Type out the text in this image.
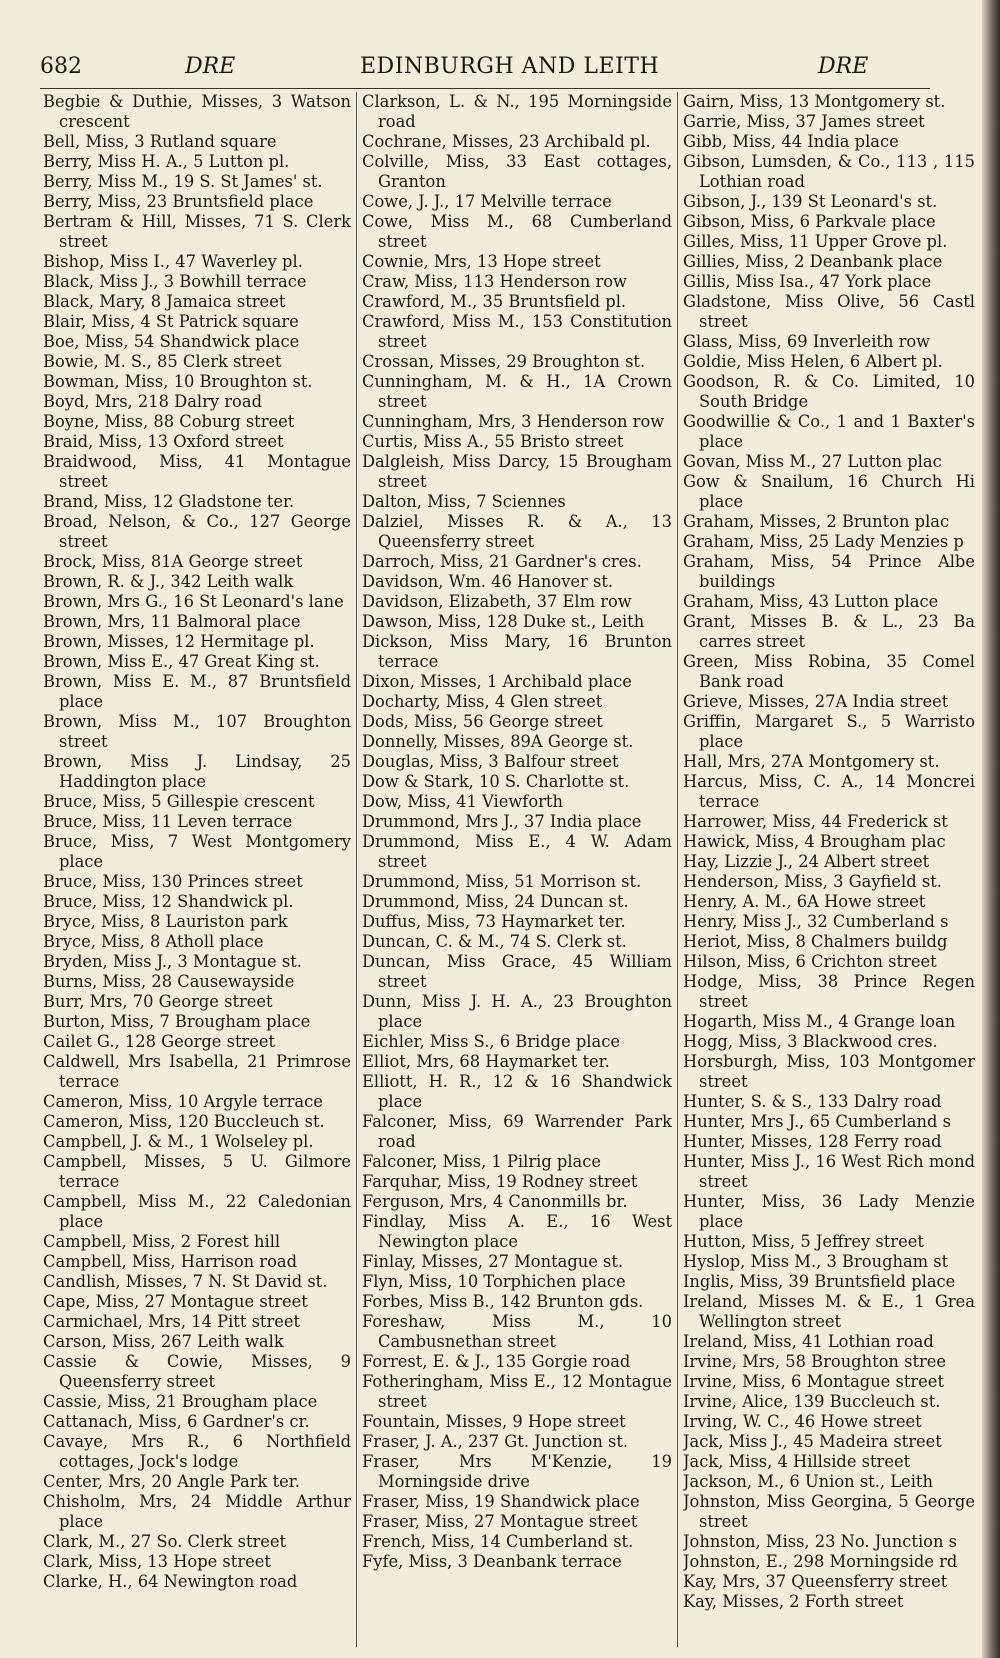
682	DRE	EDINBURGH AND LEITH	DRE
Begbie & Duthie, Misses, 3 Watson crescent
Bell, Miss, 3 Rutland square
Berry, Miss H. A., 5 Lutton pl.
Berry, Miss M., 19 S. St James' st.
Berry, Miss, 23 Bruntsfield place
Bertram & Hill, Misses, 71 S. Clerk street
Bishop, Miss I., 47 Waverley pl.
Black, Miss J., 3 Bowhill terrace
Black, Mary, 8 Jamaica street
Blair, Miss, 4 St Patrick square
Boe, Miss, 54 Shandwick place
Bowie, M. S., 85 Clerk street
Bowman, Miss, 10 Broughton st.
Boyd, Mrs, 218 Dalry road
Boyne, Miss, 88 Coburg street
Braid, Miss, 13 Oxford street
Braidwood, Miss, 41 Montague street
Brand, Miss, 12 Gladstone ter.
Broad, Nelson, & Co., 127 George street
Brock, Miss, 81A George street
Brown, R. & J., 342 Leith walk
Brown, Mrs G., 16 St Leonard's lane
Brown, Mrs, 11 Balmoral place
Brown, Misses, 12 Hermitage pl.
Brown, Miss E., 47 Great King st.
Brown, Miss E. M., 87 Bruntsfield place
Brown, Miss M., 107 Broughton street
Brown, Miss J. Lindsay, 25 Haddington place
Bruce, Miss, 5 Gillespie crescent
Bruce, Miss, 11 Leven terrace
Bruce, Miss, 7 West Montgomery place
Bruce, Miss, 130 Princes street
Bruce, Miss, 12 Shandwick pl.
Bryce, Miss, 8 Lauriston park
Bryce, Miss, 8 Atholl place
Bryden, Miss J., 3 Montague st.
Burns, Miss, 28 Causewayside
Burr, Mrs, 70 George street
Burton, Miss, 7 Brougham place
Cailet G., 128 George street
Caldwell, Mrs Isabella, 21 Primrose terrace
Cameron, Miss, 10 Argyle terrace
Cameron, Miss, 120 Buccleuch st.
Campbell, J. & M., 1 Wolseley pl.
Campbell, Misses, 5 U. Gilmore terrace
Campbell, Miss M., 22 Caledonian place
Campbell, Miss, 2 Forest hill
Campbell, Miss, Harrison road
Candlish, Misses, 7 N. St David st.
Cape, Miss, 27 Montague street
Carmichael, Mrs, 14 Pitt street
Carson, Miss, 267 Leith walk
Cassie & Cowie, Misses, 9 Queensferry street
Cassie, Miss, 21 Brougham place
Cattanach, Miss, 6 Gardner's cr.
Cavaye, Mrs R., 6 Northfield cottages, Jock's lodge
Center, Mrs, 20 Angle Park ter.
Chisholm, Mrs, 24 Middle Arthur place
Clark, M., 27 So. Clerk street
Clark, Miss, 13 Hope street
Clarke, H., 64 Newington road
Clarkson, L. & N., 195 Morningside road
Cochrane, Misses, 23 Archibald pl.
Colville, Miss, 33 East cottages, Granton
Cowe, J. J., 17 Melville terrace
Cowe, Miss M., 68 Cumberland street
Cownie, Mrs, 13 Hope street
Craw, Miss, 113 Henderson row
Crawford, M., 35 Bruntsfield pl.
Crawford, Miss M., 153 Constitution street
Crossan, Misses, 29 Broughton st.
Cunningham, M. & H., 1A Crown street
Cunningham, Mrs, 3 Henderson row
Curtis, Miss A., 55 Bristo street
Dalgleish, Miss Darcy, 15 Brougham street
Dalton, Miss, 7 Sciennes
Dalziel, Misses R. & A., 13 Queensferry street
Darroch, Miss, 21 Gardner's cres.
Davidson, Wm. 46 Hanover st.
Davidson, Elizabeth, 37 Elm row
Dawson, Miss, 128 Duke st., Leith
Dickson, Miss Mary, 16 Brunton terrace
Dixon, Misses, 1 Archibald place
Docharty, Miss, 4 Glen street
Dods, Miss, 56 George street
Donnelly, Misses, 89A George st.
Douglas, Miss, 3 Balfour street
Dow & Stark, 10 S. Charlotte st.
Dow, Miss, 41 Viewforth
Drummond, Mrs J., 37 India place
Drummond, Miss E., 4 W. Adam street
Drummond, Miss, 51 Morrison st.
Drummond, Miss, 24 Duncan st.
Duffus, Miss, 73 Haymarket ter.
Duncan, C. & M., 74 S. Clerk st.
Duncan, Miss Grace, 45 William street
Dunn, Miss J. H. A., 23 Broughton place
Eichler, Miss S., 6 Bridge place
Elliot, Mrs, 68 Haymarket ter.
Elliott, H. R., 12 & 16 Shandwick place
Falconer, Miss, 69 Warrender Park road
Falconer, Miss, 1 Pilrig place
Farquhar, Miss, 19 Rodney street
Ferguson, Mrs, 4 Canonmills br.
Findlay, Miss A. E., 16 West Newington place
Finlay, Misses, 27 Montague st.
Flyn, Miss, 10 Torphichen place
Forbes, Miss B., 142 Brunton gds.
Foreshaw, Miss M., 10 Cambusnethan street
Forrest, E. & J., 135 Gorgie road
Fotheringham, Miss E., 12 Montague street
Fountain, Misses, 9 Hope street
Fraser, J. A., 237 Gt. Junction st.
Fraser, Mrs M'Kenzie, 19 Morningside drive
Fraser, Miss, 19 Shandwick place
Fraser, Miss, 27 Montague street
French, Miss, 14 Cumberland st.
Fyfe, Miss, 3 Deanbank terrace
Gairn, Miss, 13 Montgomery st.
Garrie, Miss, 37 James street
Gibb, Miss, 44 India place
Gibson, Lumsden, & Co., 113 , 115 Lothian road
Gibson, J., 139 St Leonard's st.
Gibson, Miss, 6 Parkvale place
Gilles, Miss, 11 Upper Grove pl.
Gillies, Miss, 2 Deanbank place
Gillis, Miss Isa., 47 York place
Gladstone, Miss Olive, 56 Castl street
Glass, Miss, 69 Inverleith row
Goldie, Miss Helen, 6 Albert pl.
Goodson, R. & Co. Limited, 10 South Bridge
Goodwillie & Co., 1 and 1 Baxter's place
Govan, Miss M., 27 Lutton plac
Gow & Snailum, 16 Church Hi place
Graham, Misses, 2 Brunton plac
Graham, Miss, 25 Lady Menzies p
Graham, Miss, 54 Prince Albe buildings
Graham, Miss, 43 Lutton place
Grant, Misses B. & L., 23 Ba carres street
Green, Miss Robina, 35 Comel Bank road
Grieve, Misses, 27A India street
Griffin, Margaret S., 5 Warristo place
Hall, Mrs, 27A Montgomery st.
Harcus, Miss, C. A., 14 Moncrei terrace
Harrower, Miss, 44 Frederick st
Hawick, Miss, 4 Brougham plac
Hay, Lizzie J., 24 Albert street
Henderson, Miss, 3 Gayfield st.
Henry, A. M., 6A Howe street
Henry, Miss J., 32 Cumberland s
Heriot, Miss, 8 Chalmers buildg
Hilson, Miss, 6 Crichton street
Hodge, Miss, 38 Prince Regen street
Hogarth, Miss M., 4 Grange loan
Hogg, Miss, 3 Blackwood cres.
Horsburgh, Miss, 103 Montgomer street
Hunter, S. & S., 133 Dalry road
Hunter, Mrs J., 65 Cumberland s
Hunter, Misses, 128 Ferry road
Hunter, Miss J., 16 West Rich mond street
Hunter, Miss, 36 Lady Menzie place
Hutton, Miss, 5 Jeffrey street
Hyslop, Miss M., 3 Brougham st
Inglis, Miss, 39 Bruntsfield place
Ireland, Misses M. & E., 1 Grea Wellington street
Ireland, Miss, 41 Lothian road
Irvine, Mrs, 58 Broughton stree
Irvine, Miss, 6 Montague street
Irvine, Alice, 139 Buccleuch st.
Irving, W. C., 46 Howe street
Jack, Miss J., 45 Madeira street
Jack, Miss, 4 Hillside street
Jackson, M., 6 Union st., Leith
Johnston, Miss Georgina, 5 George street
Johnston, Miss, 23 No. Junction s
Johnston, E., 298 Morningside rd
Kay, Mrs, 37 Queensferry street
Kay, Misses, 2 Forth street
